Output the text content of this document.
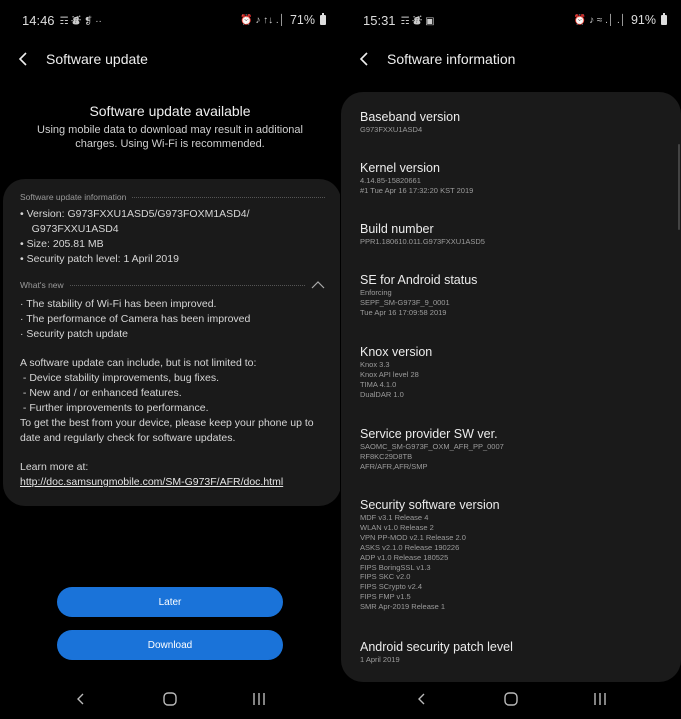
14:46 ☶ ⛇ ❡ ··	⏰ ♪ ↑↓ .│ 71%
Software update
Software update available
Using mobile data to download may result in additional charges. Using Wi-Fi is recommended.
Software update information
• Version: G973FXXU1ASD5/G973FOXM1ASD4/
G973FXXU1ASD4
• Size: 205.81 MB
• Security patch level: 1 April 2019
What's new
· The stability of Wi-Fi has been improved.
· The performance of Camera has been improved
· Security patch update
A software update can include, but is not limited to:
- Device stability improvements, bug fixes.
- New and / or enhanced features.
- Further improvements to performance.
To get the best from your device, please keep your phone up to
date and regularly check for software updates.
Learn more at:
http://doc.samsungmobile.com/SM-G973F/AFR/doc.html
Later
Download
15:31 ☶ ⛇ ▣	⏰ ♪ ≈ .│ .│ 91%
Software information
Baseband version
G973FXXU1ASD4
Kernel version
4.14.85-15820661
#1 Tue Apr 16 17:32:20 KST 2019
Build number
PPR1.180610.011.G973FXXU1ASD5
SE for Android status
Enforcing
SEPF_SM-G973F_9_0001
Tue Apr 16 17:09:58 2019
Knox version
Knox 3.3
Knox API level 28
TIMA 4.1.0
DualDAR 1.0
Service provider SW ver.
SAOMC_SM-G973F_OXM_AFR_PP_0007
RF8KC29D8TB
AFR/AFR,AFR/SMP
Security software version
MDF v3.1 Release 4
WLAN v1.0 Release 2
VPN PP-MOD v2.1 Release 2.0
ASKS v2.1.0 Release 190226
ADP v1.0 Release 180525
FIPS BoringSSL v1.3
FIPS SKC v2.0
FIPS SCrypto v2.4
FIPS FMP v1.5
SMR Apr-2019 Release 1
Android security patch level
1 April 2019
